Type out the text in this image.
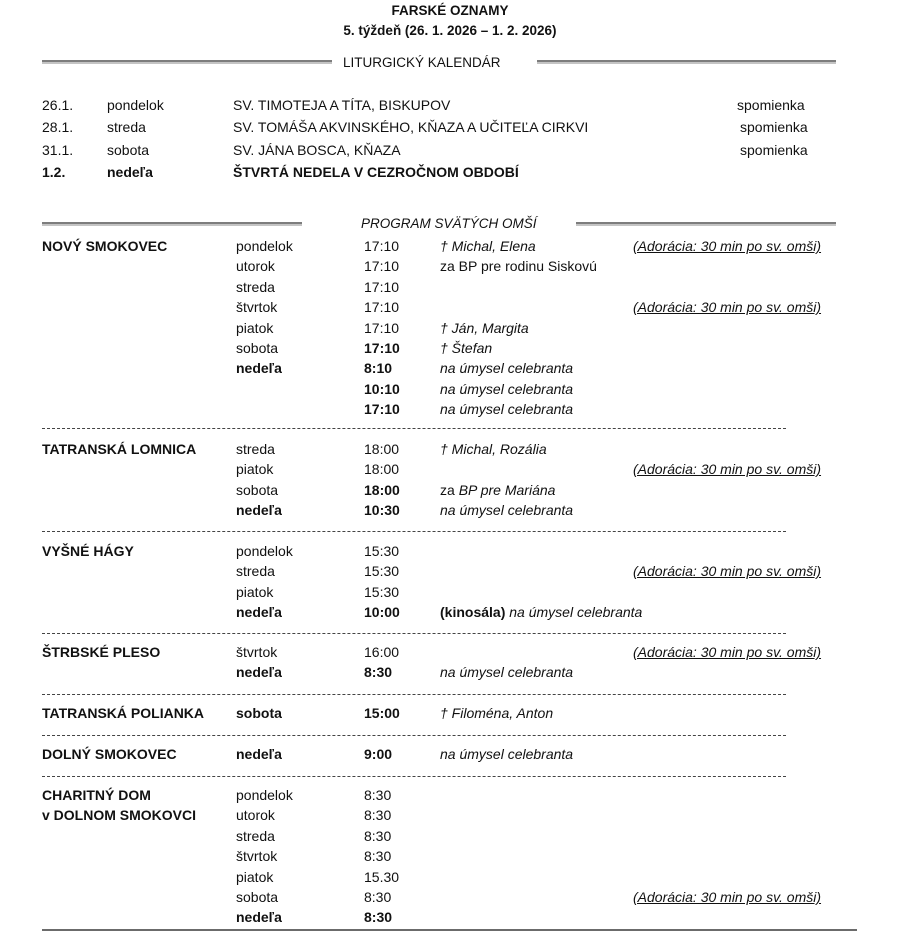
FARSKÉ OZNAMY
5. týždeň (26. 1. 2026 – 1. 2. 2026)
LITURGICKÝ KALENDÁR
26.1. pondelok	SV. TIMOTEJA A TÍTA, BISKUPOV	spomienka
28.1. streda	SV. TOMÁŠA AKVINSKÉHO, KŇAZA A UČITEĽA CIRKVI	spomienka
31.1. sobota	SV. JÁNA BOSCA, KŇAZA	spomienka
1.2.	nedeľa	ŠTVRTÁ NEDELA V CEZROČNOM OBDOBÍ
PROGRAM SVÄTÝCH OMŠÍ
NOVÝ SMOKOVEC	pondelok	17:10	† Michal, Elena	(Adorácia: 30 min po sv. omši)
utorok	17:10	za BP pre rodinu Siskovú
streda	17:10
štvrtok	17:10	(Adorácia: 30 min po sv. omši)
piatok	17:10	† Ján, Margita
sobota	17:10	† Štefan
nedeľa	8:10	na úmysel celebranta
10:10	na úmysel celebranta
17:10	na úmysel celebranta
TATRANSKÁ LOMNICA	streda	18:00	† Michal, Rozália
piatok	18:00	(Adorácia: 30 min po sv. omši)
sobota	18:00	za BP pre Mariána
nedeľa	10:30	na úmysel celebranta
VYŠNÉ HÁGY	pondelok	15:30
streda	15:30	(Adorácia: 30 min po sv. omši)
piatok	15:30
nedeľa	10:00	(kinosála) na úmysel celebranta
ŠTRBSKÉ PLESO	štvrtok	16:00	(Adorácia: 30 min po sv. omši)
nedeľa	8:30	na úmysel celebranta
TATRANSKÁ POLIANKA sobota	15:00	† Filoména, Anton
DOLNÝ SMOKOVEC	nedeľa	9:00	na úmysel celebranta
CHARITNÝ DOM
v DOLNOM SMOKOVCI
pondelok	8:30
utorok	8:30
streda	8:30
štvrtok	8:30
piatok	15.30
sobota	8:30	(Adorácia: 30 min po sv. omši)
nedeľa	8:30
